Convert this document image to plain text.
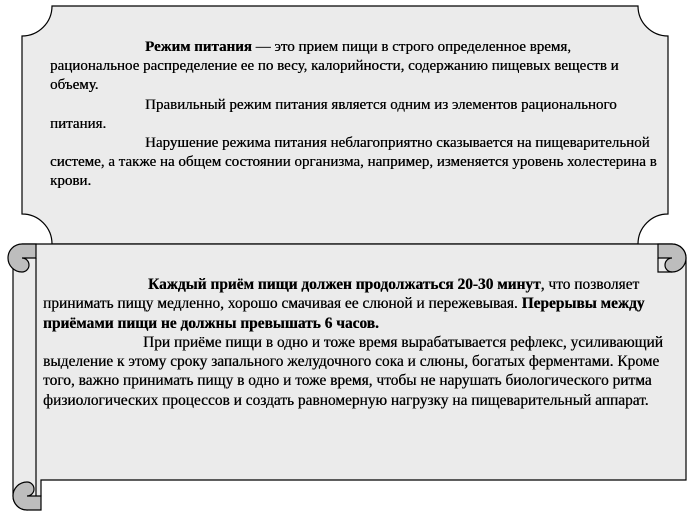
Режим питания — это прием пищи в строго определенное время, рациональное распределение ее по весу, калорийности, содержанию пищевых веществ и объему.

Правильный режим питания является одним из элементов рационального питания.

Нарушение режима питания неблагоприятно сказывается на пищеварительной системе, а также на общем состоянии организма, например, изменяется уровень холестерина в крови.

Каждый приём пищи должен продолжаться 20-30 минут, что позволяет принимать пищу медленно, хорошо смачивая ее слюной и пережевывая. Перерывы между приёмами пищи не должны превышать 6 часов.

При приёме пищи в одно и тоже время вырабатывается рефлекс, усиливающий выделение к этому сроку запального желудочного сока и слюны, богатых ферментами. Кроме того, важно принимать пищу в одно и тоже время, чтобы не нарушать биологического ритма физиологических процессов и создать равномерную нагрузку на пищеварительный аппарат.
